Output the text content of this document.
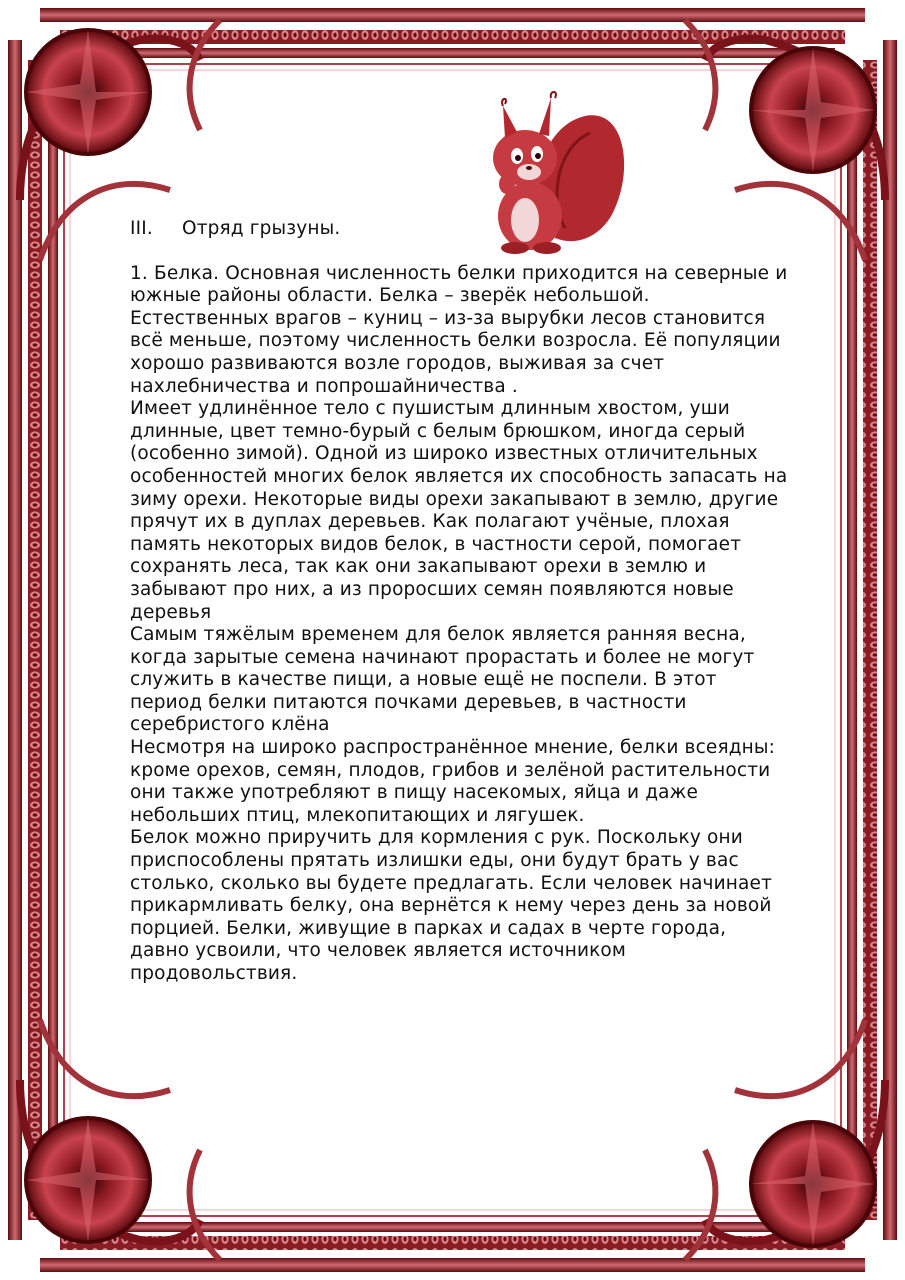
III.	Отряд грызуны.

1. Белка. Основная численность белки приходится на северные и южные районы области. Белка – зверёк небольшой. Естественных врагов – куниц – из-за вырубки лесов становится всё меньше, поэтому численность белки возросла. Её популяции хорошо развиваются возле городов, выживая за счет нахлебничества и попрошайничества .

Имеет удлинённое тело с пушистым длинным хвостом, уши длинные, цвет темно-бурый с белым брюшком, иногда серый (особенно зимой). Одной из широко известных отличительных особенностей многих белок является их способность запасать на зиму орехи. Некоторые виды орехи закапывают в землю, другие прячут их в дуплах деревьев. Как полагают учёные, плохая память некоторых видов белок, в частности серой, помогает сохранять леса, так как они закапывают орехи в землю и забывают про них, а из проросших семян появляются новые деревья

Самым тяжёлым временем для белок является ранняя весна, когда зарытые семена начинают прорастать и более не могут служить в качестве пищи, а новые ещё не поспели. В этот период белки питаются почками деревьев, в частности серебристого клёна

Несмотря на широко распространённое мнение, белки всеядны: кроме орехов, семян, плодов, грибов и зелёной растительности они также употребляют в пищу насекомых, яйца и даже небольших птиц, млекопитающих и лягушек.

Белок можно приручить для кормления с рук. Поскольку они приспособлены прятать излишки еды, они будут брать у вас столько, сколько вы будете предлагать. Если человек начинает прикармливать белку, она вернётся к нему через день за новой порцией. Белки, живущие в парках и садах в черте города, давно усвоили, что человек является источником продовольствия.
